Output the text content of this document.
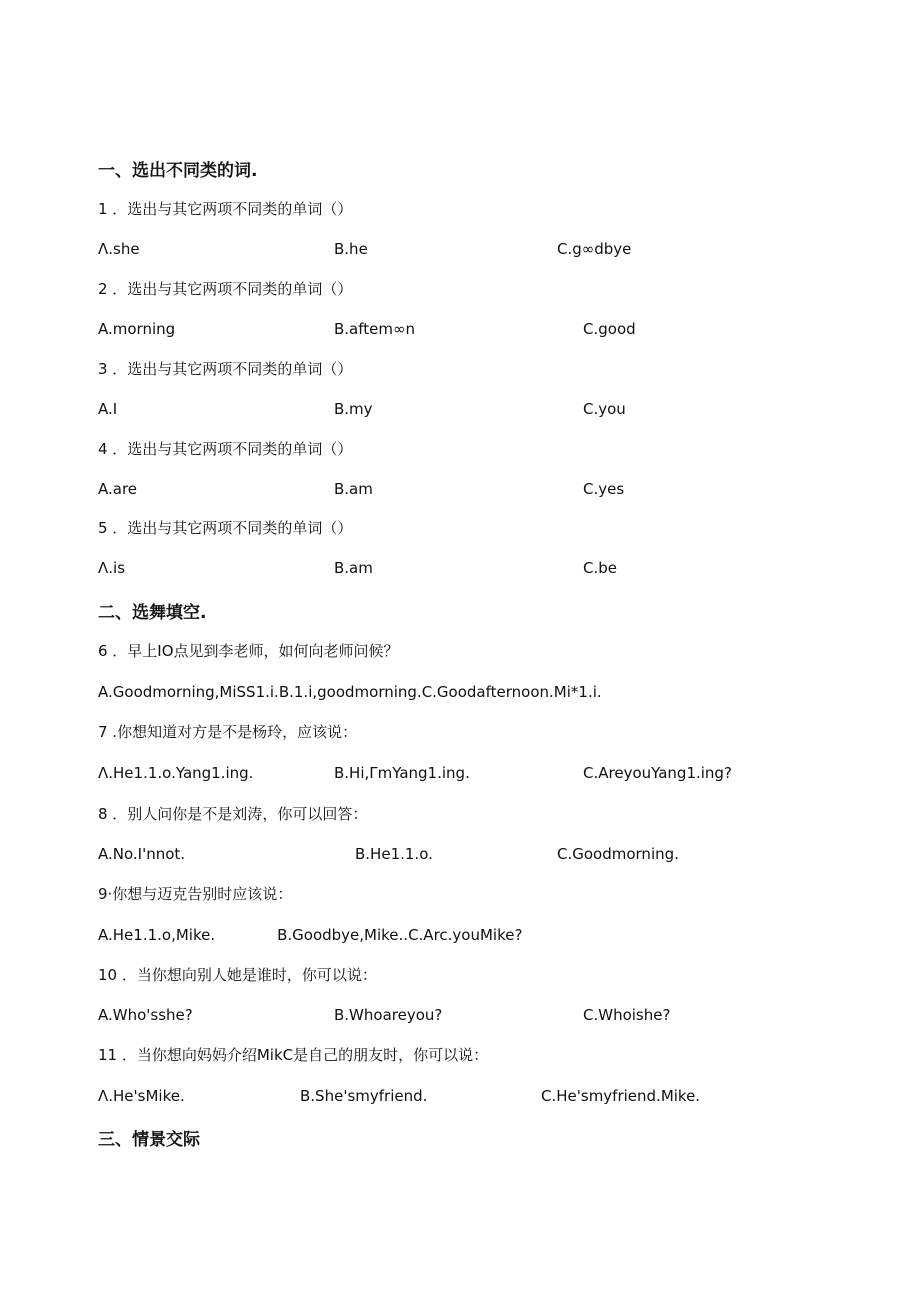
一、选出不同类的词.
1 ．选出与其它两项不同类的单词（）
Λ.she	B.he	C.g∞dbye
2 ．选出与其它两项不同类的单词（）
A.morning	B.aftem∞n	C.good
3 ．选出与其它两项不同类的单词（）
A.I	B.my	C.you
4 ．选出与其它两项不同类的单词（）
A.are	B.am	C.yes
5 ．选出与其它两项不同类的单词（）
Λ.is	B.am	C.be
二、选舞填空.
6 ．早上IO点见到李老师，如何向老师问候？
A.Goodmorning,MiSS1.i.B.1.i,goodmorning.C.Goodafternoon.Mi*1.i.
7 .你想知道对方是不是杨玲，应该说：
Λ.He1.1.o.Yang1.ing.	B.Hi,ΓmYang1.ing.	C.AreyouYang1.ing?
8 ．别人问你是不是刘涛，你可以回答：
A.No.I'nnot.	B.He1.1.o.	C.Goodmorning.
9·你想与迈克告别时应该说：
A.He1.1.o,Mike.             B.Goodbye,Mike..C.Arc.youMike?
10 ．当你想向别人她是谁时，你可以说：
A.Who'sshe?	B.Whoareyou?	C.Whoishe?
11 ．当你想向妈妈介绍MikC是自己的朋友时，你可以说：
Λ.He'sMike.	B.She'smyfriend.	C.He'smyfriend.Mike.
三、情景交际
